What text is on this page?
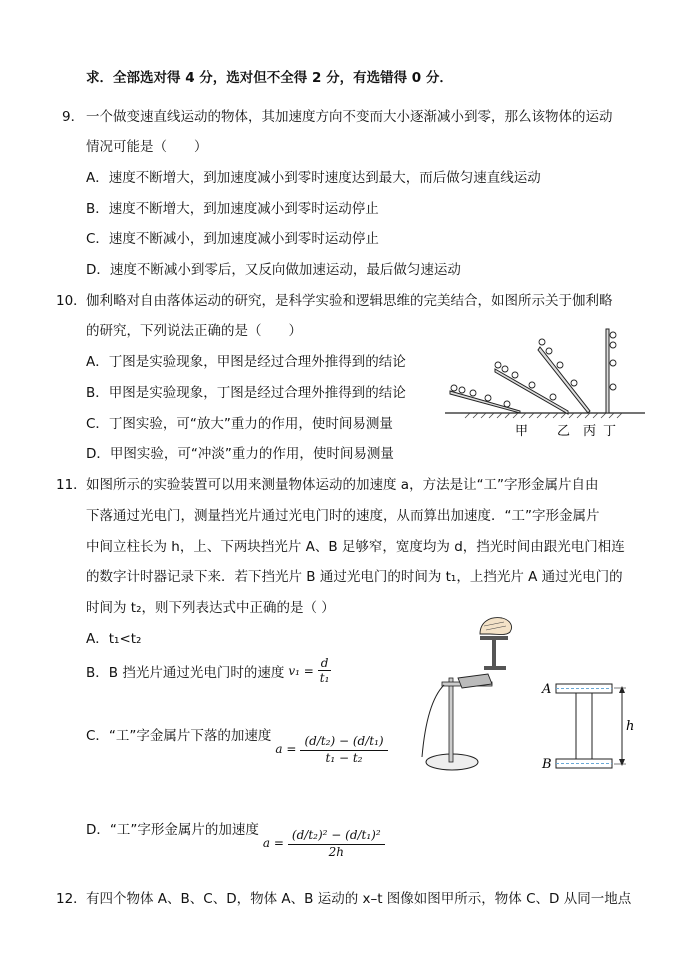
求．全部选对得 4 分，选对但不全得 2 分，有选错得 0 分．
9． 一个做变速直线运动的物体，其加速度方向不变而大小逐渐减小到零，那么该物体的运动
情况可能是（　　）
A．速度不断增大，到加速度减小到零时速度达到最大，而后做匀速直线运动
B．速度不断增大，到加速度减小到零时运动停止
C．速度不断减小，到加速度减小到零时运动停止
D．速度不断减小到零后，又反向做加速运动，最后做匀速运动
10． 伽利略对自由落体运动的研究，是科学实验和逻辑思维的完美结合，如图所示关于伽利略
的研究，下列说法正确的是（　　）
A．丁图是实验现象，甲图是经过合理外推得到的结论
B．甲图是实验现象，丁图是经过合理外推得到的结论
C．丁图实验，可“放大”重力的作用，使时间易测量
D．甲图实验，可“冲淡”重力的作用，使时间易测量
甲 乙 丙 丁
11． 如图所示的实验装置可以用来测量物体运动的加速度 a，方法是让“工”字形金属片自由
下落通过光电门，测量挡光片通过光电门时的速度，从而算出加速度．“工”字形金属片
中间立柱长为 h，上、下两块挡光片 A、B 足够窄，宽度均为 d，挡光时间由跟光电门相连
的数字计时器记录下来．若下挡光片 B 通过光电门的时间为 t₁，上挡光片 A 通过光电门的
时间为 t₂，则下列表达式中正确的是（ ）
A．t₁<t₂
B．B 挡光片通过光电门时的速度 $v_1 = \frac{d}{\text{t₁}}$
C．“工”字金属片下落的加速度
$a = \frac{\text{(d/t₂) − (d/t₁)}}{\text{t₁ − t₂}}$
D．“工”字形金属片的加速度
$a = \frac{\text{(d/t₂)² − (d/t₁)²}}{2h}$
A
B
h
12． 有四个物体 A、B、C、D，物体 A、B 运动的 x–t 图像如图甲所示，物体 C、D 从同一地点
